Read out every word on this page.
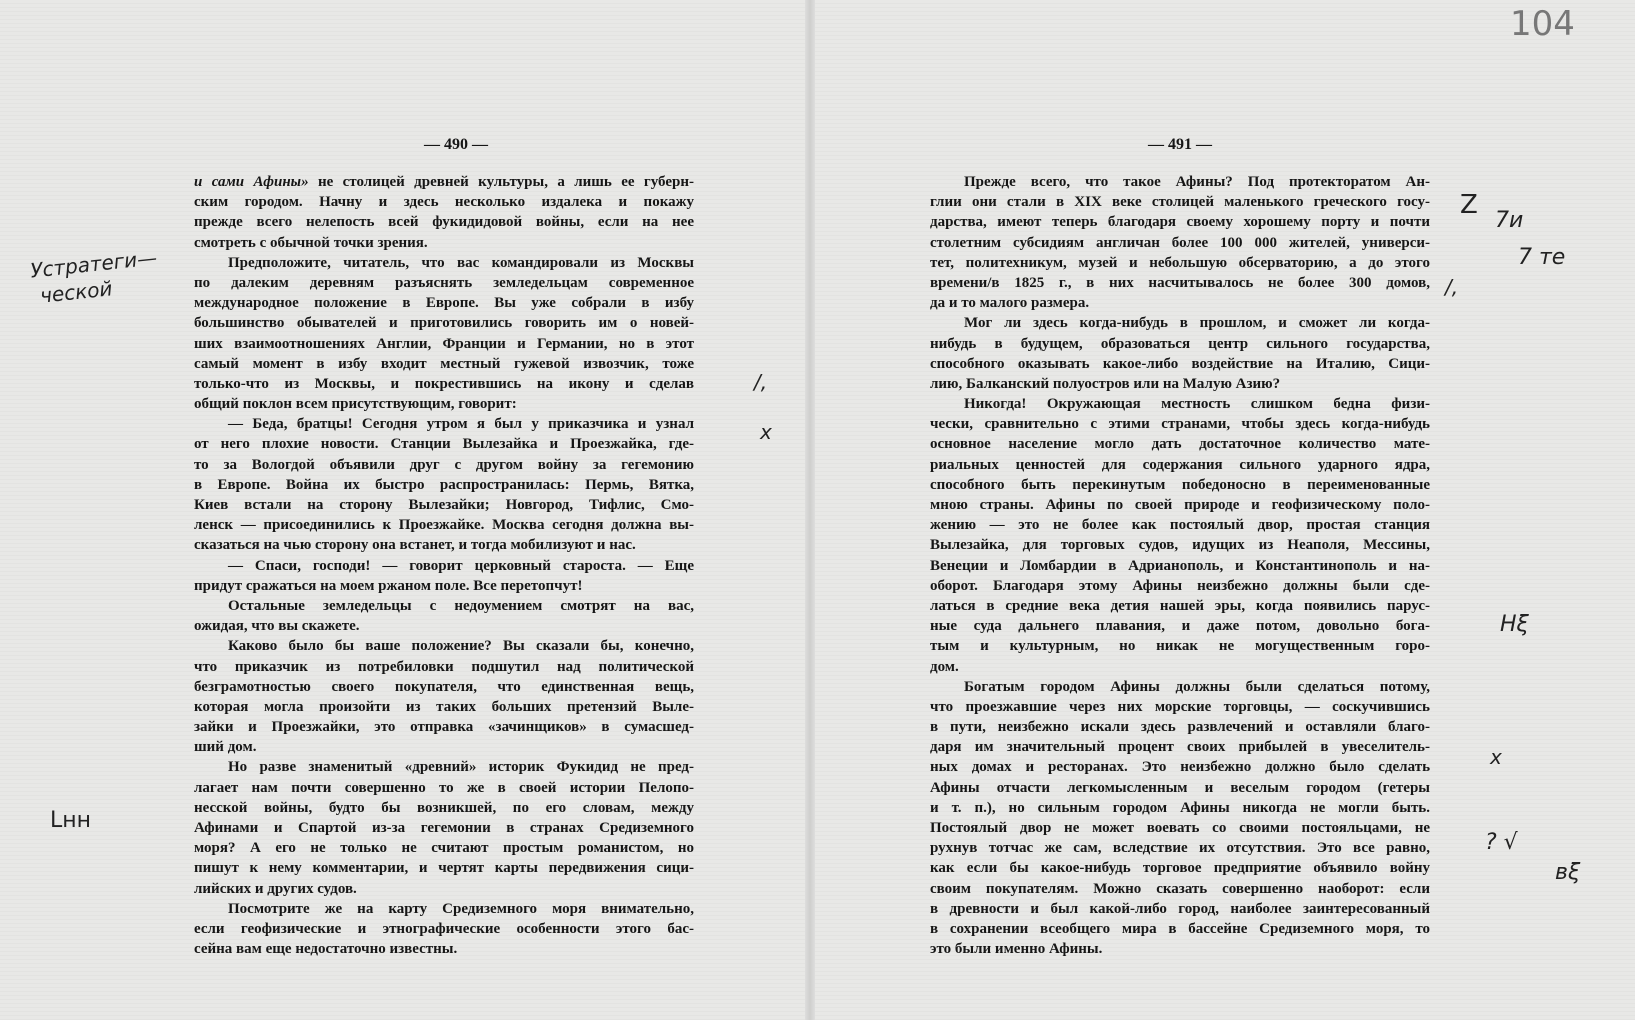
— 490 —	— 491 —
и сами Афины» не столицей древней культуры, а лишь ее губерн-
ским городом. Начну и здесь несколько издалека и покажу
прежде всего нелепость всей фукидидовой войны, если на нее
смотреть с обычной точки зрения.
Предположите, читатель, что вас командировали из Москвы
по далеким деревням разъяснять земледельцам современное
международное положение в Европе. Вы уже собрали в избу
большинство обывателей и приготовились говорить им о новей-
ших взаимоотношениях Англии, Франции и Германии, но в этот
самый момент в избу входит местный гужевой извозчик, тоже
только-что из Москвы, и покрестившись на икону и сделав
общий поклон всем присутствующим, говорит:
— Беда, братцы! Сегодня утром я был у приказчика и узнал
от него плохие новости. Станции Вылезайка и Проезжайка, где-
то за Вологдой объявили друг с другом войну за гегемонию
в Европе. Война их быстро распространилась: Пермь, Вятка,
Киев встали на сторону Вылезайки; Новгород, Тифлис, Смо-
ленск — присоединились к Проезжайке. Москва сегодня должна вы-
сказаться на чью сторону она встанет, и тогда мобилизуют и нас.
— Спаси, господи! — говорит церковный староста. — Еще
придут сражаться на моем ржаном поле. Все перетопчут!
Остальные земледельцы с недоумением смотрят на вас,
ожидая, что вы скажете.
Каково было бы ваше положение? Вы сказали бы, конечно,
что приказчик из потребиловки подшутил над политической
безграмотностью своего покупателя, что единственная вещь,
которая могла произойти из таких больших претензий Выле-
зайки и Проезжайки, это отправка «зачинщиков» в сумасшед-
ший дом.
Но разве знаменитый «древний» историк Фукидид не пред-
лагает нам почти совершенно то же в своей истории Пелопо-
несской войны, будто бы возникшей, по его словам, между
Афинами и Спартой из-за гегемонии в странах Средиземного
моря? А его не только не считают простым романистом, но
пишут к нему комментарии, и чертят карты передвижения сици-
лийских и других судов.
Посмотрите же на карту Средиземного моря внимательно,
если геофизические и этнографические особенности этого бас-
сейна вам еще недостаточно известны.
Прежде всего, что такое Афины? Под протекторатом Ан-
глии они стали в XIX веке столицей маленького греческого госу-
дарства, имеют теперь благодаря своему хорошему порту и почти
столетним субсидиям англичан более 100 000 жителей, универси-
тет, политехникум, музей и небольшую обсерваторию, а до этого
времени/в 1825 г., в них насчитывалось не более 300 домов,
да и то малого размера.
Мог ли здесь когда-нибудь в прошлом, и сможет ли когда-
нибудь в будущем, образоваться центр сильного государства,
способного оказывать какое-либо воздействие на Италию, Сици-
лию, Балканский полуостров или на Малую Азию?
Никогда! Окружающая местность слишком бедна физи-
чески, сравнительно с этими странами, чтобы здесь когда-нибудь
основное население могло дать достаточное количество мате-
риальных ценностей для содержания сильного ударного ядра,
способного быть перекинутым победоносно в переименованные
мною страны. Афины по своей природе и геофизическому поло-
жению — это не более как постоялый двор, простая станция
Вылезайка, для торговых судов, идущих из Неаполя, Мессины,
Венеции и Ломбардии в Адрианополь, и Константинополь и на-
оборот. Благодаря этому Афины неизбежно должны были сде-
латься в средние века детия нашей эры, когда появились парус-
ные суда дальнего плавания, и даже потом, довольно бога-
тым и культурным, но никак не могущественным горо-
дом.
Богатым городом Афины должны были сделаться потому,
что проезжавшие через них морские торговцы, — соскучившись
в пути, неизбежно искали здесь развлечений и оставляли благо-
даря им значительный процент своих прибылей в увеселитель-
ных домах и ресторанах. Это неизбежно должно было сделать
Афины отчасти легкомысленным и веселым городом (гетеры
и т. п.), но сильным городом Афины никогда не могли быть.
Постоялый двор не может воевать со своими постояльцами, не
рухнув тотчас же сам, вследствие их отсутствия. Это все равно,
как если бы какое-нибудь торговое предприятие объявило войну
своим покупателям. Можно сказать совершенно наоборот: если
в древности и был какой-либо город, наиболее заинтересованный
в сохранении всеобщего мира в бассейне Средиземного моря, то
это были именно Афины.
104
Устратеги—
ческой
Lнн
Z
7и
7 те
/,
/,
x
Hξ
x
? √
вξ
